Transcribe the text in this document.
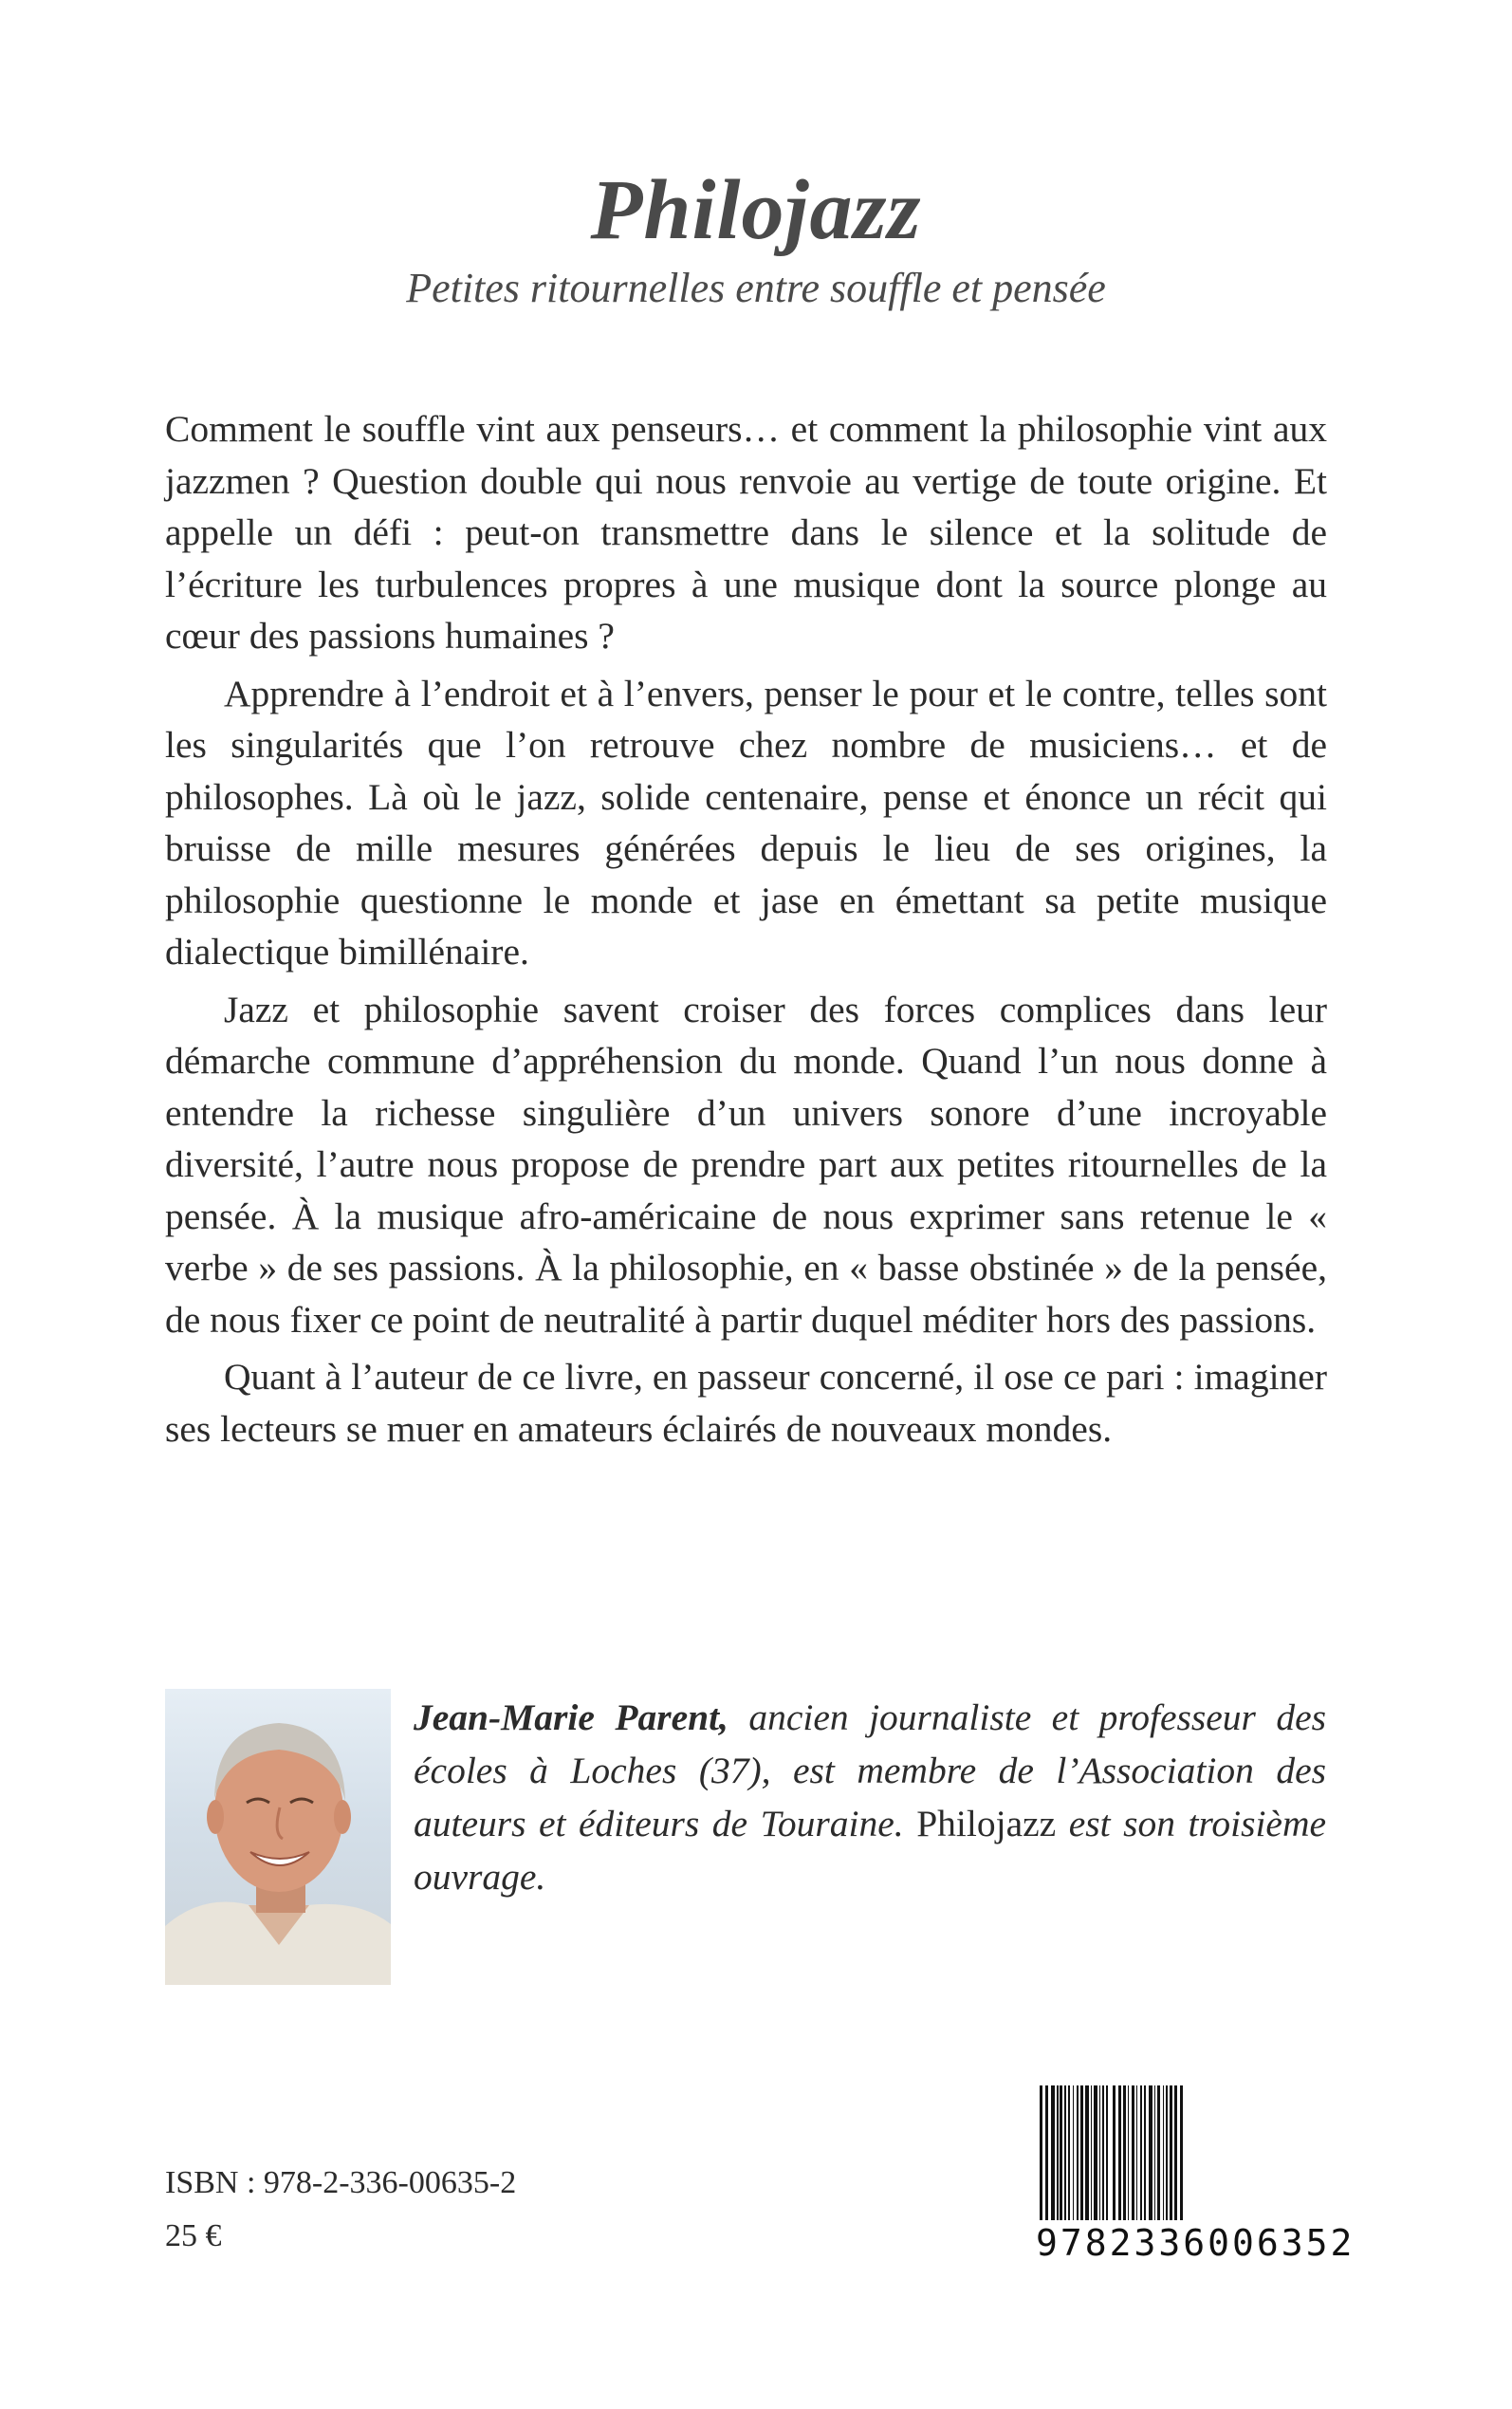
Philojazz
Petites ritournelles entre souffle et pensée

Comment le souffle vint aux penseurs… et comment la philosophie vint aux jazzmen ? Question double qui nous renvoie au vertige de toute origine. Et appelle un défi : peut-on transmettre dans le silence et la solitude de l’écriture les turbulences propres à une musique dont la source plonge au cœur des passions humaines ?

Apprendre à l’endroit et à l’envers, penser le pour et le contre, telles sont les singularités que l’on retrouve chez nombre de musiciens… et de philosophes. Là où le jazz, solide centenaire, pense et énonce un récit qui bruisse de mille mesures générées depuis le lieu de ses origines, la philosophie questionne le monde et jase en émettant sa petite musique dialectique bimillénaire.

Jazz et philosophie savent croiser des forces complices dans leur démarche commune d’appréhension du monde. Quand l’un nous donne à entendre la richesse singulière d’un univers sonore d’une incroyable diversité, l’autre nous propose de prendre part aux petites ritournelles de la pensée. À la musique afro-américaine de nous exprimer sans retenue le « verbe » de ses passions. À la philosophie, en « basse obstinée » de la pensée, de nous fixer ce point de neutralité à partir duquel méditer hors des passions.

Quant à l’auteur de ce livre, en passeur concerné, il ose ce pari : imaginer ses lecteurs se muer en amateurs éclairés de nouveaux mondes.

Jean-Marie Parent, ancien journaliste et professeur des écoles à Loches (37), est membre de l’Association des auteurs et éditeurs de Touraine. Philojazz est son troisième ouvrage.
ISBN : 978-2-336-00635-2
25 €	9782336006352
